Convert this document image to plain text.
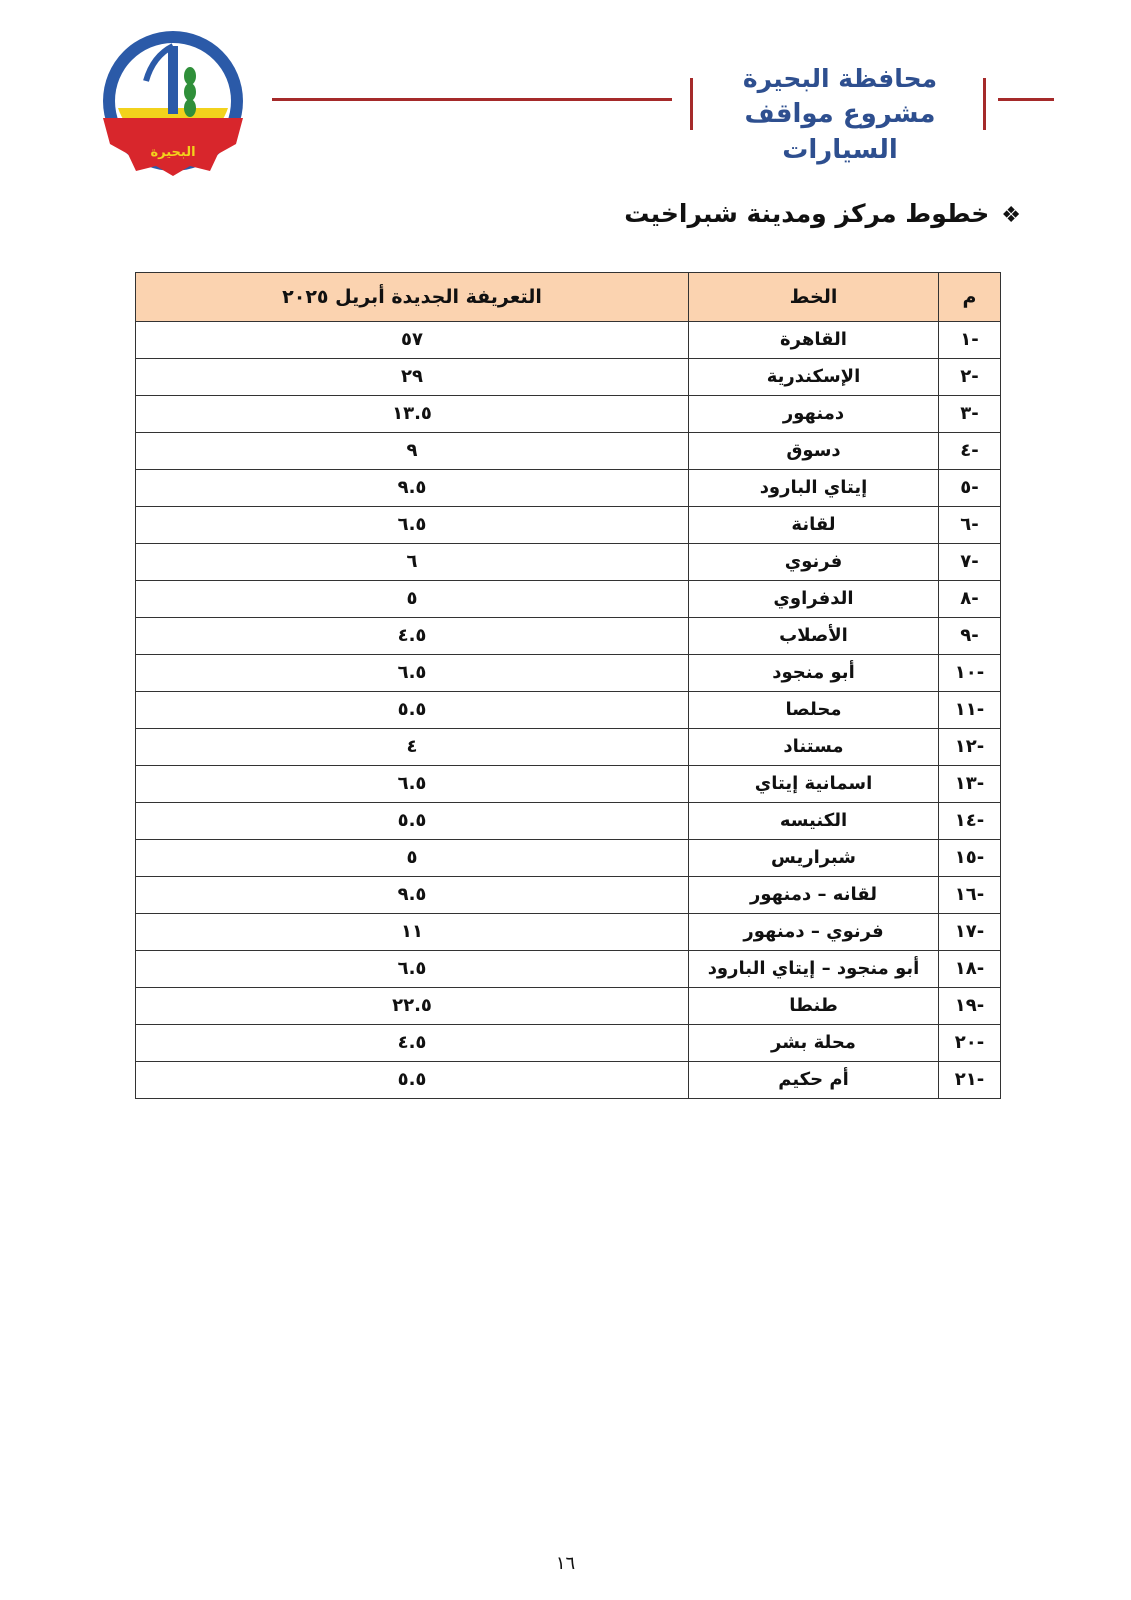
البحيرة
محافظة البحيرة
مشروع مواقف السيارات
❖خطوط مركز ومدينة شبراخيت
م	الخط	التعريفة الجديدة أبريل ٢٠٢٥
-١	القاهرة	٥٧
-٢	الإسكندرية	٢٩
-٣	دمنهور	١٣.٥
-٤	دسوق	٩
-٥	إيتاي البارود	٩.٥
-٦	لقانة	٦.٥
-٧	فرنوي	٦
-٨	الدفراوي	٥
-٩	الأصلاب	٤.٥
-١٠	أبو منجود	٦.٥
-١١	محلصا	٥.٥
-١٢	مستناد	٤
-١٣	اسمانية إيتاي	٦.٥
-١٤	الكنيسه	٥.٥
-١٥	شبراريس	٥
-١٦	لقانه – دمنهور	٩.٥
-١٧	فرنوي – دمنهور	١١
-١٨	أبو منجود – إيتاي البارود	٦.٥
-١٩	طنطا	٢٢.٥
-٢٠	محلة بشر	٤.٥
-٢١	أم حكيم	٥.٥
١٦
